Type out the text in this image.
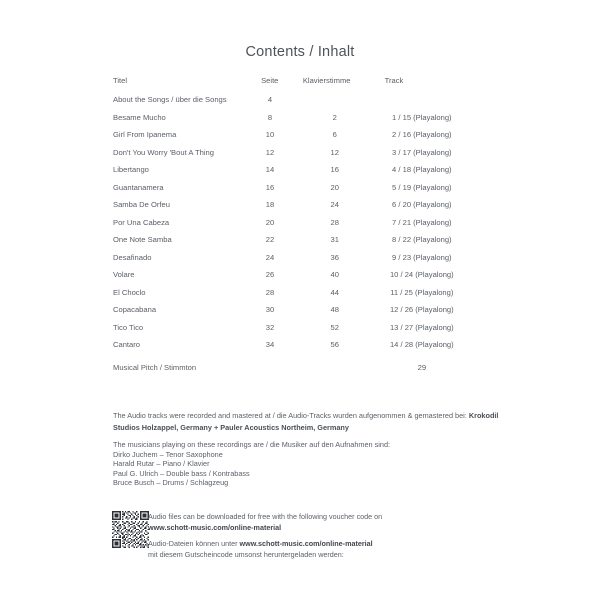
Contents / Inhalt
Titel	Seite	Klavierstimme	Track
About the Songs / über die Songs	4		
Besame Mucho	8	2	1 / 15 (Playalong)
Girl From Ipanema	10	6	2 / 16 (Playalong)
Don't You Worry 'Bout A Thing	12	12	3 / 17 (Playalong)
Libertango	14	16	4 / 18 (Playalong)
Guantanamera	16	20	5 / 19 (Playalong)
Samba De Orfeu	18	24	6 / 20 (Playalong)
Por Una Cabeza	20	28	7 / 21 (Playalong)
One Note Samba	22	31	8 / 22 (Playalong)
Desafinado	24	36	9 / 23 (Playalong)
Volare	26	40	10 / 24 (Playalong)
El Choclo	28	44	11 / 25 (Playalong)
Copacabana	30	48	12 / 26 (Playalong)
Tico Tico	32	52	13 / 27 (Playalong)
Cantaro	34	56	14 / 28 (Playalong)

Musical Pitch / Stimmton			29
The Audio tracks were recorded and mastered at / die Audio-Tracks wurden aufgenommen & gemastered bei: Krokodil Studios Holzappel, Germany + Pauler Acoustics Northeim, Germany
The musicians playing on these recordings are / die Musiker auf den Aufnahmen sind:
Dirko Juchem – Tenor Saxophone
Harald Rutar – Piano / Klavier
Paul G. Ulrich – Double bass / Kontrabass
Bruce Busch – Drums / Schlagzeug
Audio files can be downloaded for free with the following voucher code on
www.schott-music.com/online-material
Audio-Dateien können unter www.schott-music.com/online-material
mit diesem Gutscheincode umsonst heruntergeladen werden:
